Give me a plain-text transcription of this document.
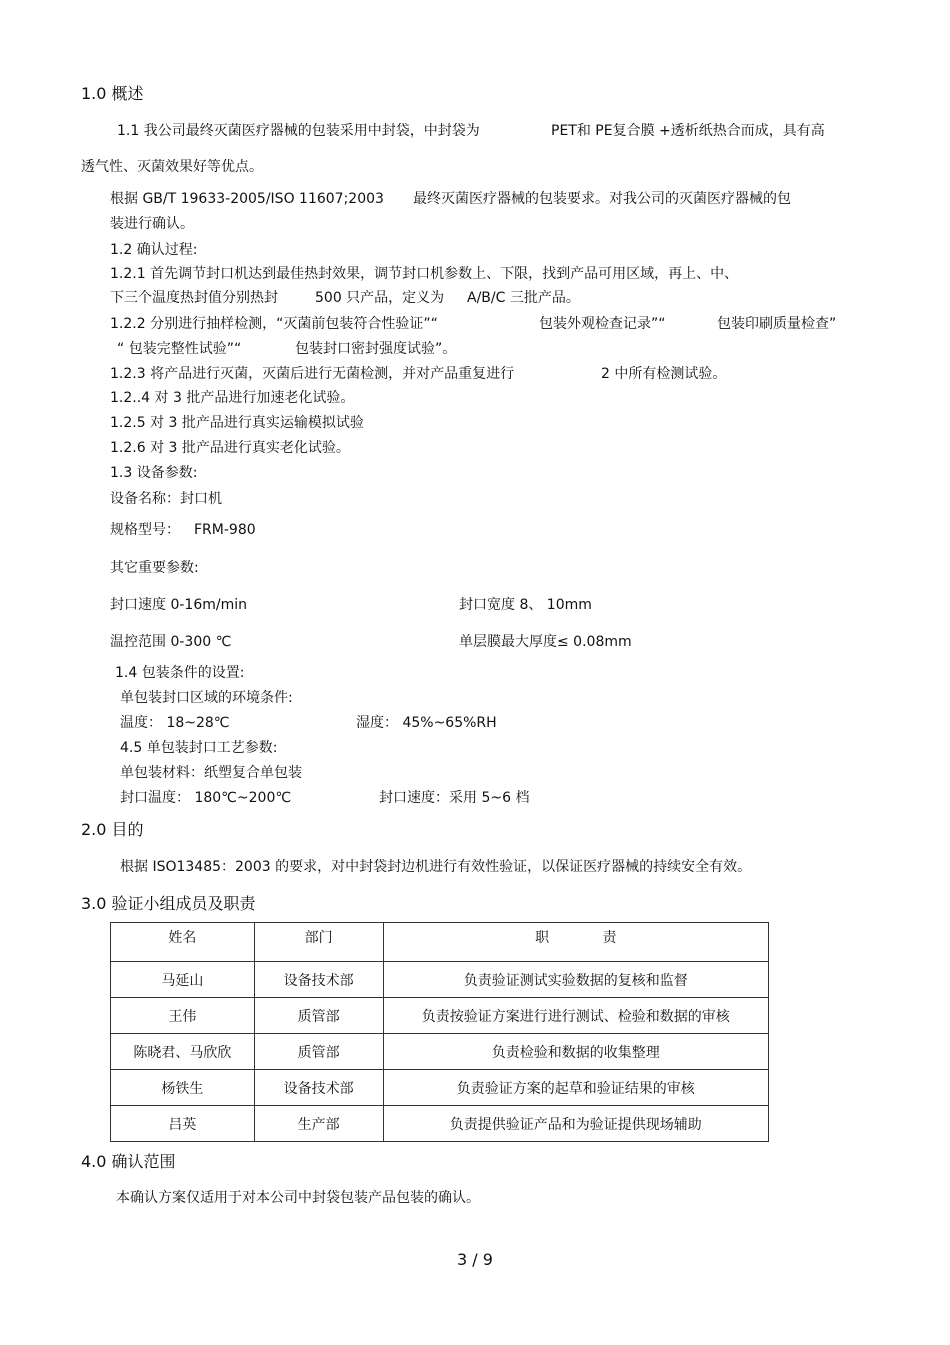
1.0 概述
1.1 我公司最终灭菌医疗器械的包装采用中封袋，中封袋为	PET和 PE复合膜 +透析纸热合而成，具有高
透气性、灭菌效果好等优点。
根据 GB/T 19633-2005/ISO 11607;2003 最终灭菌医疗器械的包装要求。对我公司的灭菌医疗器械的包
装进行确认。
1.2 确认过程:
1.2.1 首先调节封口机达到最佳热封效果，调节封口机参数上、下限，找到产品可用区域，再上、中、
下三个温度热封值分别热封	500 只产品，定义为 A/B/C 三批产品。
1.2.2 分别进行抽样检测，“灭菌前包装符合性验证”“	包装外观检查记录”“	包装印刷质量检查”
“ 包装完整性试验”“	包装封口密封强度试验”。
1.2.3 将产品进行灭菌，灭菌后进行无菌检测，并对产品重复进行	2 中所有检测试验。
1.2..4 对 3 批产品进行加速老化试验。
1.2.5 对 3 批产品进行真实运输模拟试验
1.2.6 对 3 批产品进行真实老化试验。
1.3 设备参数:
设备名称：封口机
规格型号： FRM-980
其它重要参数:
封口速度 0-16m/min	封口宽度 8、 10mm
温控范围 0-300 ℃	单层膜最大厚度≤ 0.08mm
1.4 包装条件的设置:
单包装封口区域的环境条件:
温度： 18~28℃	湿度： 45%~65%RH
4.5 单包装封口工艺参数:
单包装材料：纸塑复合单包装
封口温度： 180℃~200℃	封口速度：采用 5~6 档
2.0 目的
根据 ISO13485：2003 的要求，对中封袋封边机进行有效性验证，以保证医疗器械的持续安全有效。
3.0 验证小组成员及职责
姓名	部门	职            责
马延山	设备技术部	负责验证测试实验数据的复核和监督
王伟	质管部	负责按验证方案进行进行测试、检验和数据的审核
陈晓君、马欣欣	质管部	负责检验和数据的收集整理
杨铁生	设备技术部	负责验证方案的起草和验证结果的审核
吕英	生产部	负责提供验证产品和为验证提供现场辅助
4.0 确认范围
本确认方案仅适用于对本公司中封袋包装产品包装的确认。
3 / 9
